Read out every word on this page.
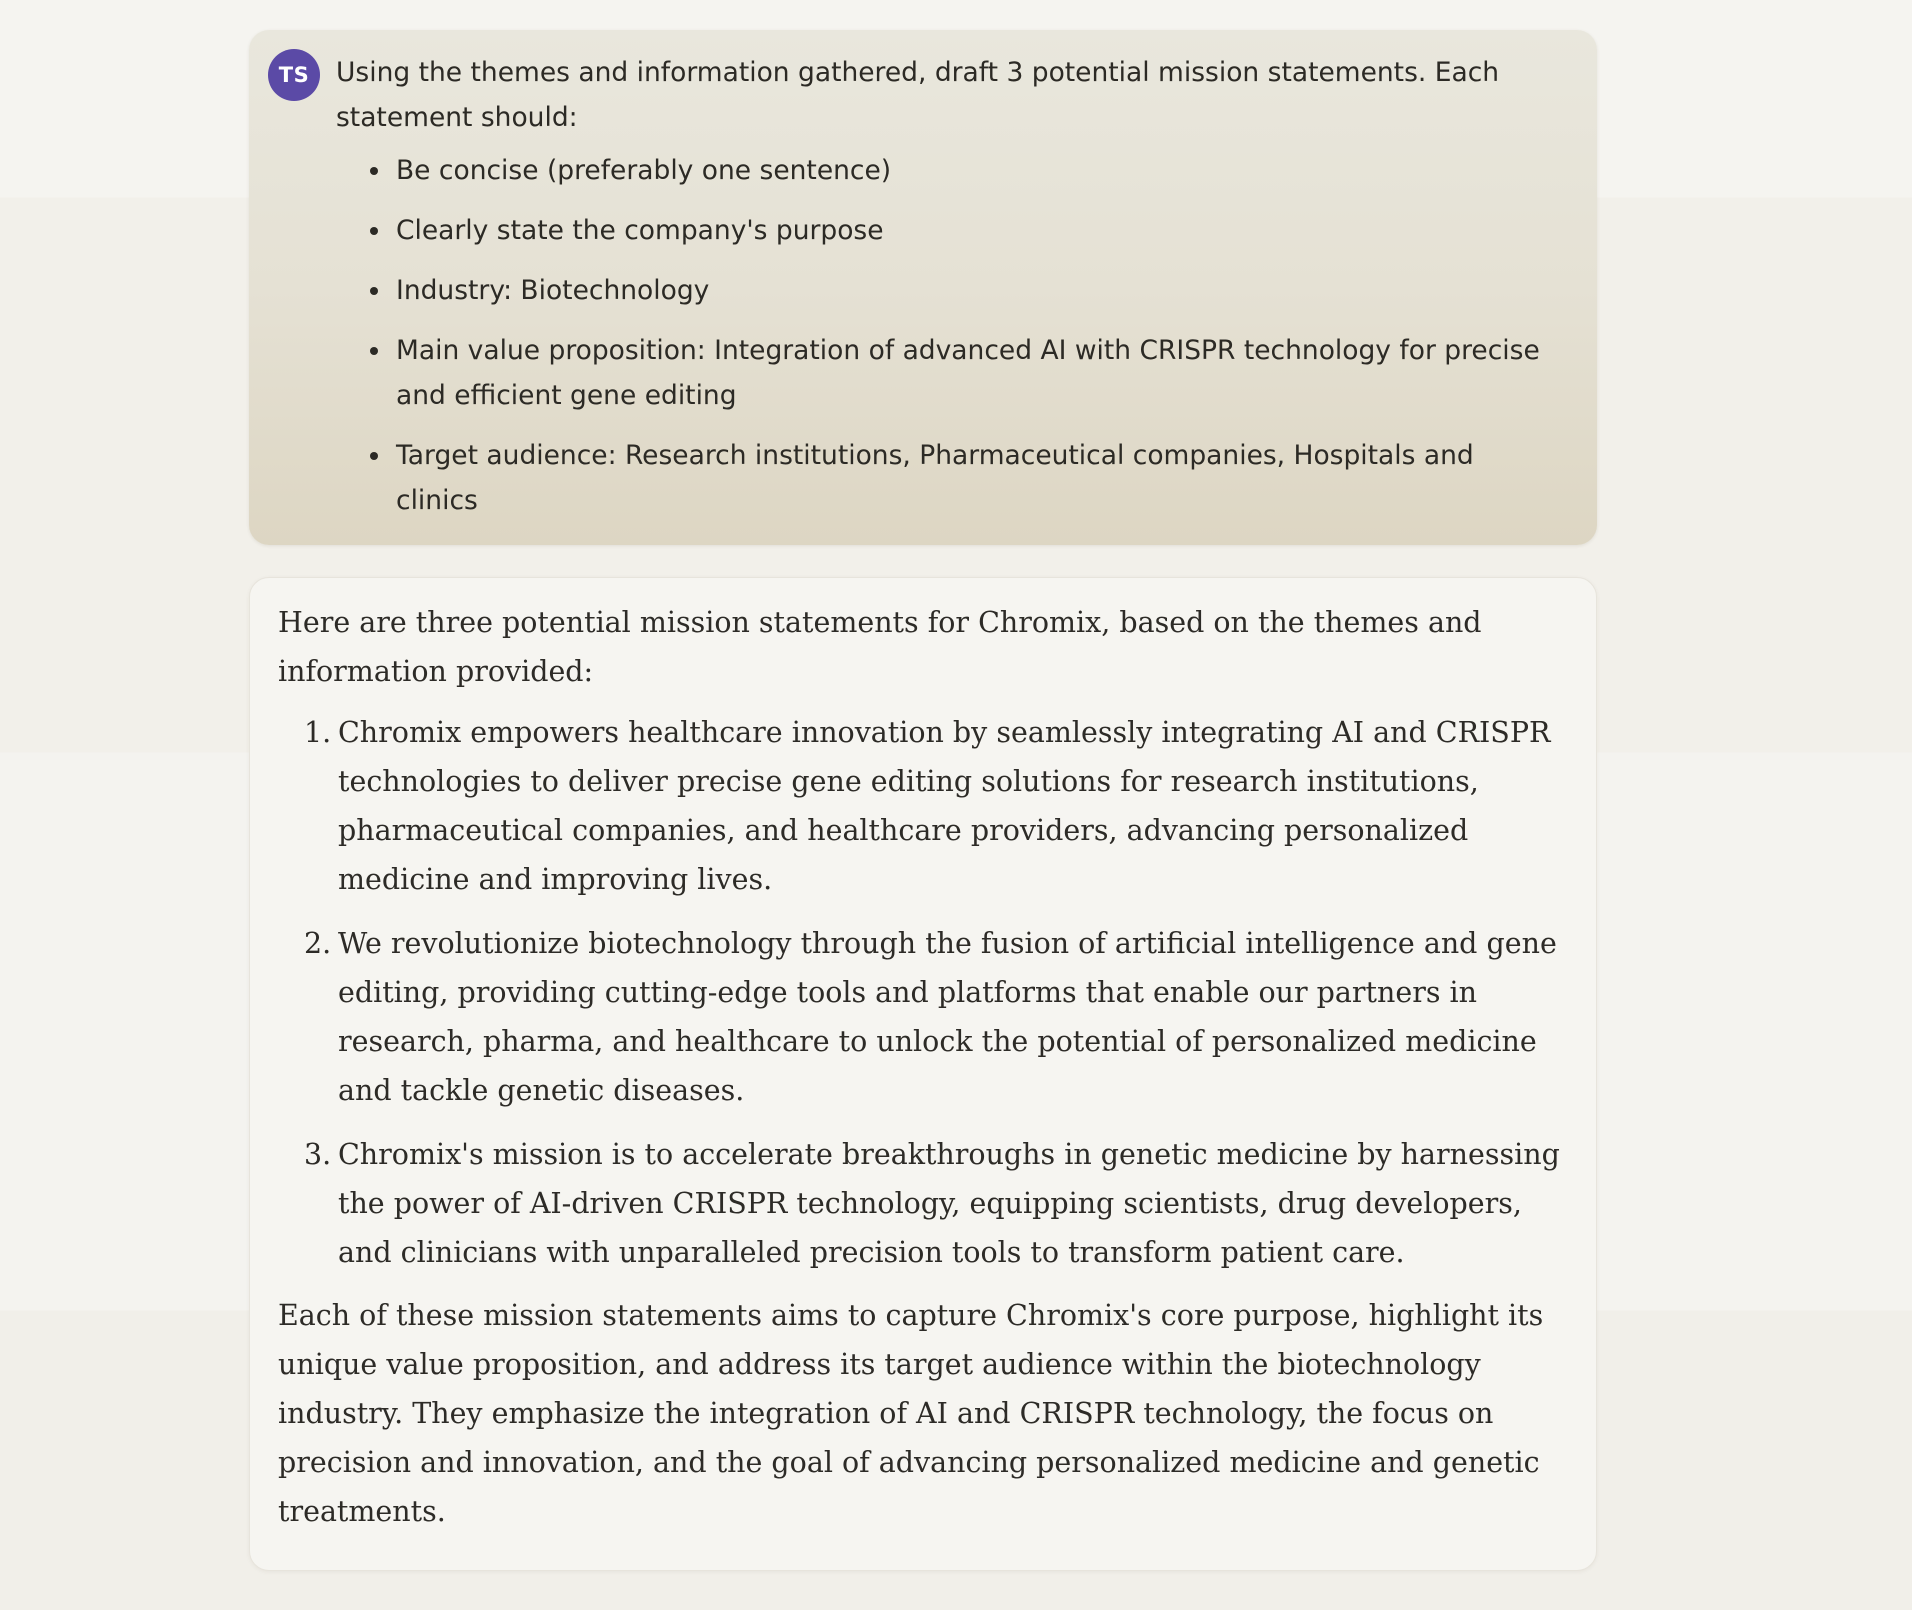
TS	Using the themes and information gathered, draft 3 potential mission statements. Each statement should:

Be concise (preferably one sentence)
Clearly state the company's purpose
Industry: Biotechnology
Main value proposition: Integration of advanced AI with CRISPR technology for precise and efficient gene editing
Target audience: Research institutions, Pharmaceutical companies, Hospitals and clinics

Here are three potential mission statements for Chromix, based on the themes and information provided:

1. Chromix empowers healthcare innovation by seamlessly integrating AI and CRISPR technologies to deliver precise gene editing solutions for research institutions, pharmaceutical companies, and healthcare providers, advancing personalized medicine and improving lives.
2. We revolutionize biotechnology through the fusion of artificial intelligence and gene editing, providing cutting-edge tools and platforms that enable our partners in research, pharma, and healthcare to unlock the potential of personalized medicine and tackle genetic diseases.
3. Chromix's mission is to accelerate breakthroughs in genetic medicine by harnessing the power of AI-driven CRISPR technology, equipping scientists, drug developers, and clinicians with unparalleled precision tools to transform patient care.

Each of these mission statements aims to capture Chromix's core purpose, highlight its unique value proposition, and address its target audience within the biotechnology industry. They emphasize the integration of AI and CRISPR technology, the focus on precision and innovation, and the goal of advancing personalized medicine and genetic treatments.
